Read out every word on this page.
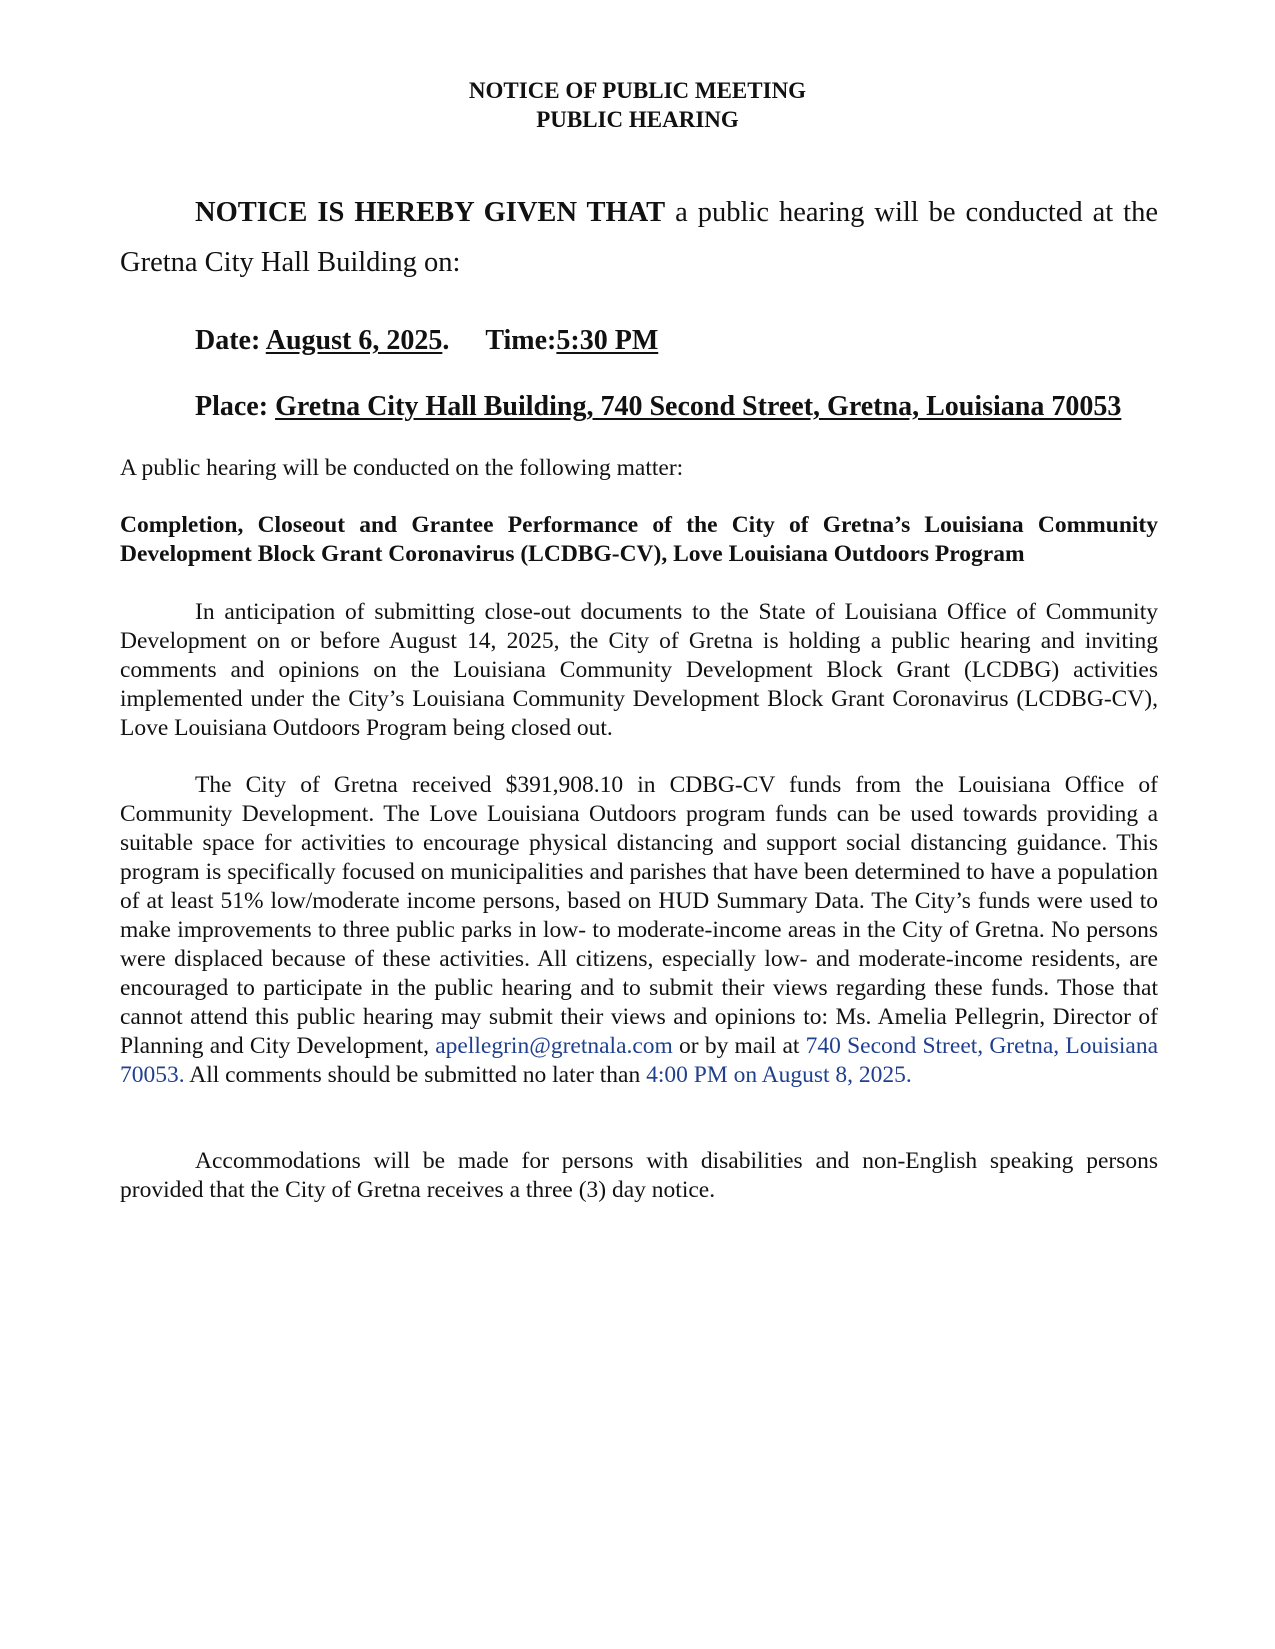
NOTICE OF PUBLIC MEETING
PUBLIC HEARING
NOTICE IS HEREBY GIVEN THAT a public hearing will be conducted at the Gretna City Hall Building on:
Date: August 6, 2025. Time:5:30 PM
Place: Gretna City Hall Building, 740 Second Street, Gretna, Louisiana 70053
A public hearing will be conducted on the following matter:
Completion, Closeout and Grantee Performance of the City of Gretna’s Louisiana Community Development Block Grant Coronavirus (LCDBG-CV), Love Louisiana Outdoors Program
In anticipation of submitting close-out documents to the State of Louisiana Office of Community Development on or before August 14, 2025, the City of Gretna is holding a public hearing and inviting comments and opinions on the Louisiana Community Development Block Grant (LCDBG) activities implemented under the City’s Louisiana Community Development Block Grant Coronavirus (LCDBG-CV), Love Louisiana Outdoors Program being closed out.
The City of Gretna received $391,908.10 in CDBG-CV funds from the Louisiana Office of Community Development. The Love Louisiana Outdoors program funds can be used towards providing a suitable space for activities to encourage physical distancing and support social distancing guidance. This program is specifically focused on municipalities and parishes that have been determined to have a population of at least 51% low/moderate income persons, based on HUD Summary Data. The City’s funds were used to make improvements to three public parks in low- to moderate-income areas in the City of Gretna. No persons were displaced because of these activities. All citizens, especially low- and moderate-income residents, are encouraged to participate in the public hearing and to submit their views regarding these funds. Those that cannot attend this public hearing may submit their views and opinions to: Ms. Amelia Pellegrin, Director of Planning and City Development, apellegrin@gretnala.com or by mail at 740 Second Street, Gretna, Louisiana 70053. All comments should be submitted no later than 4:00 PM on August 8, 2025.
Accommodations will be made for persons with disabilities and non-English speaking persons provided that the City of Gretna receives a three (3) day notice.
